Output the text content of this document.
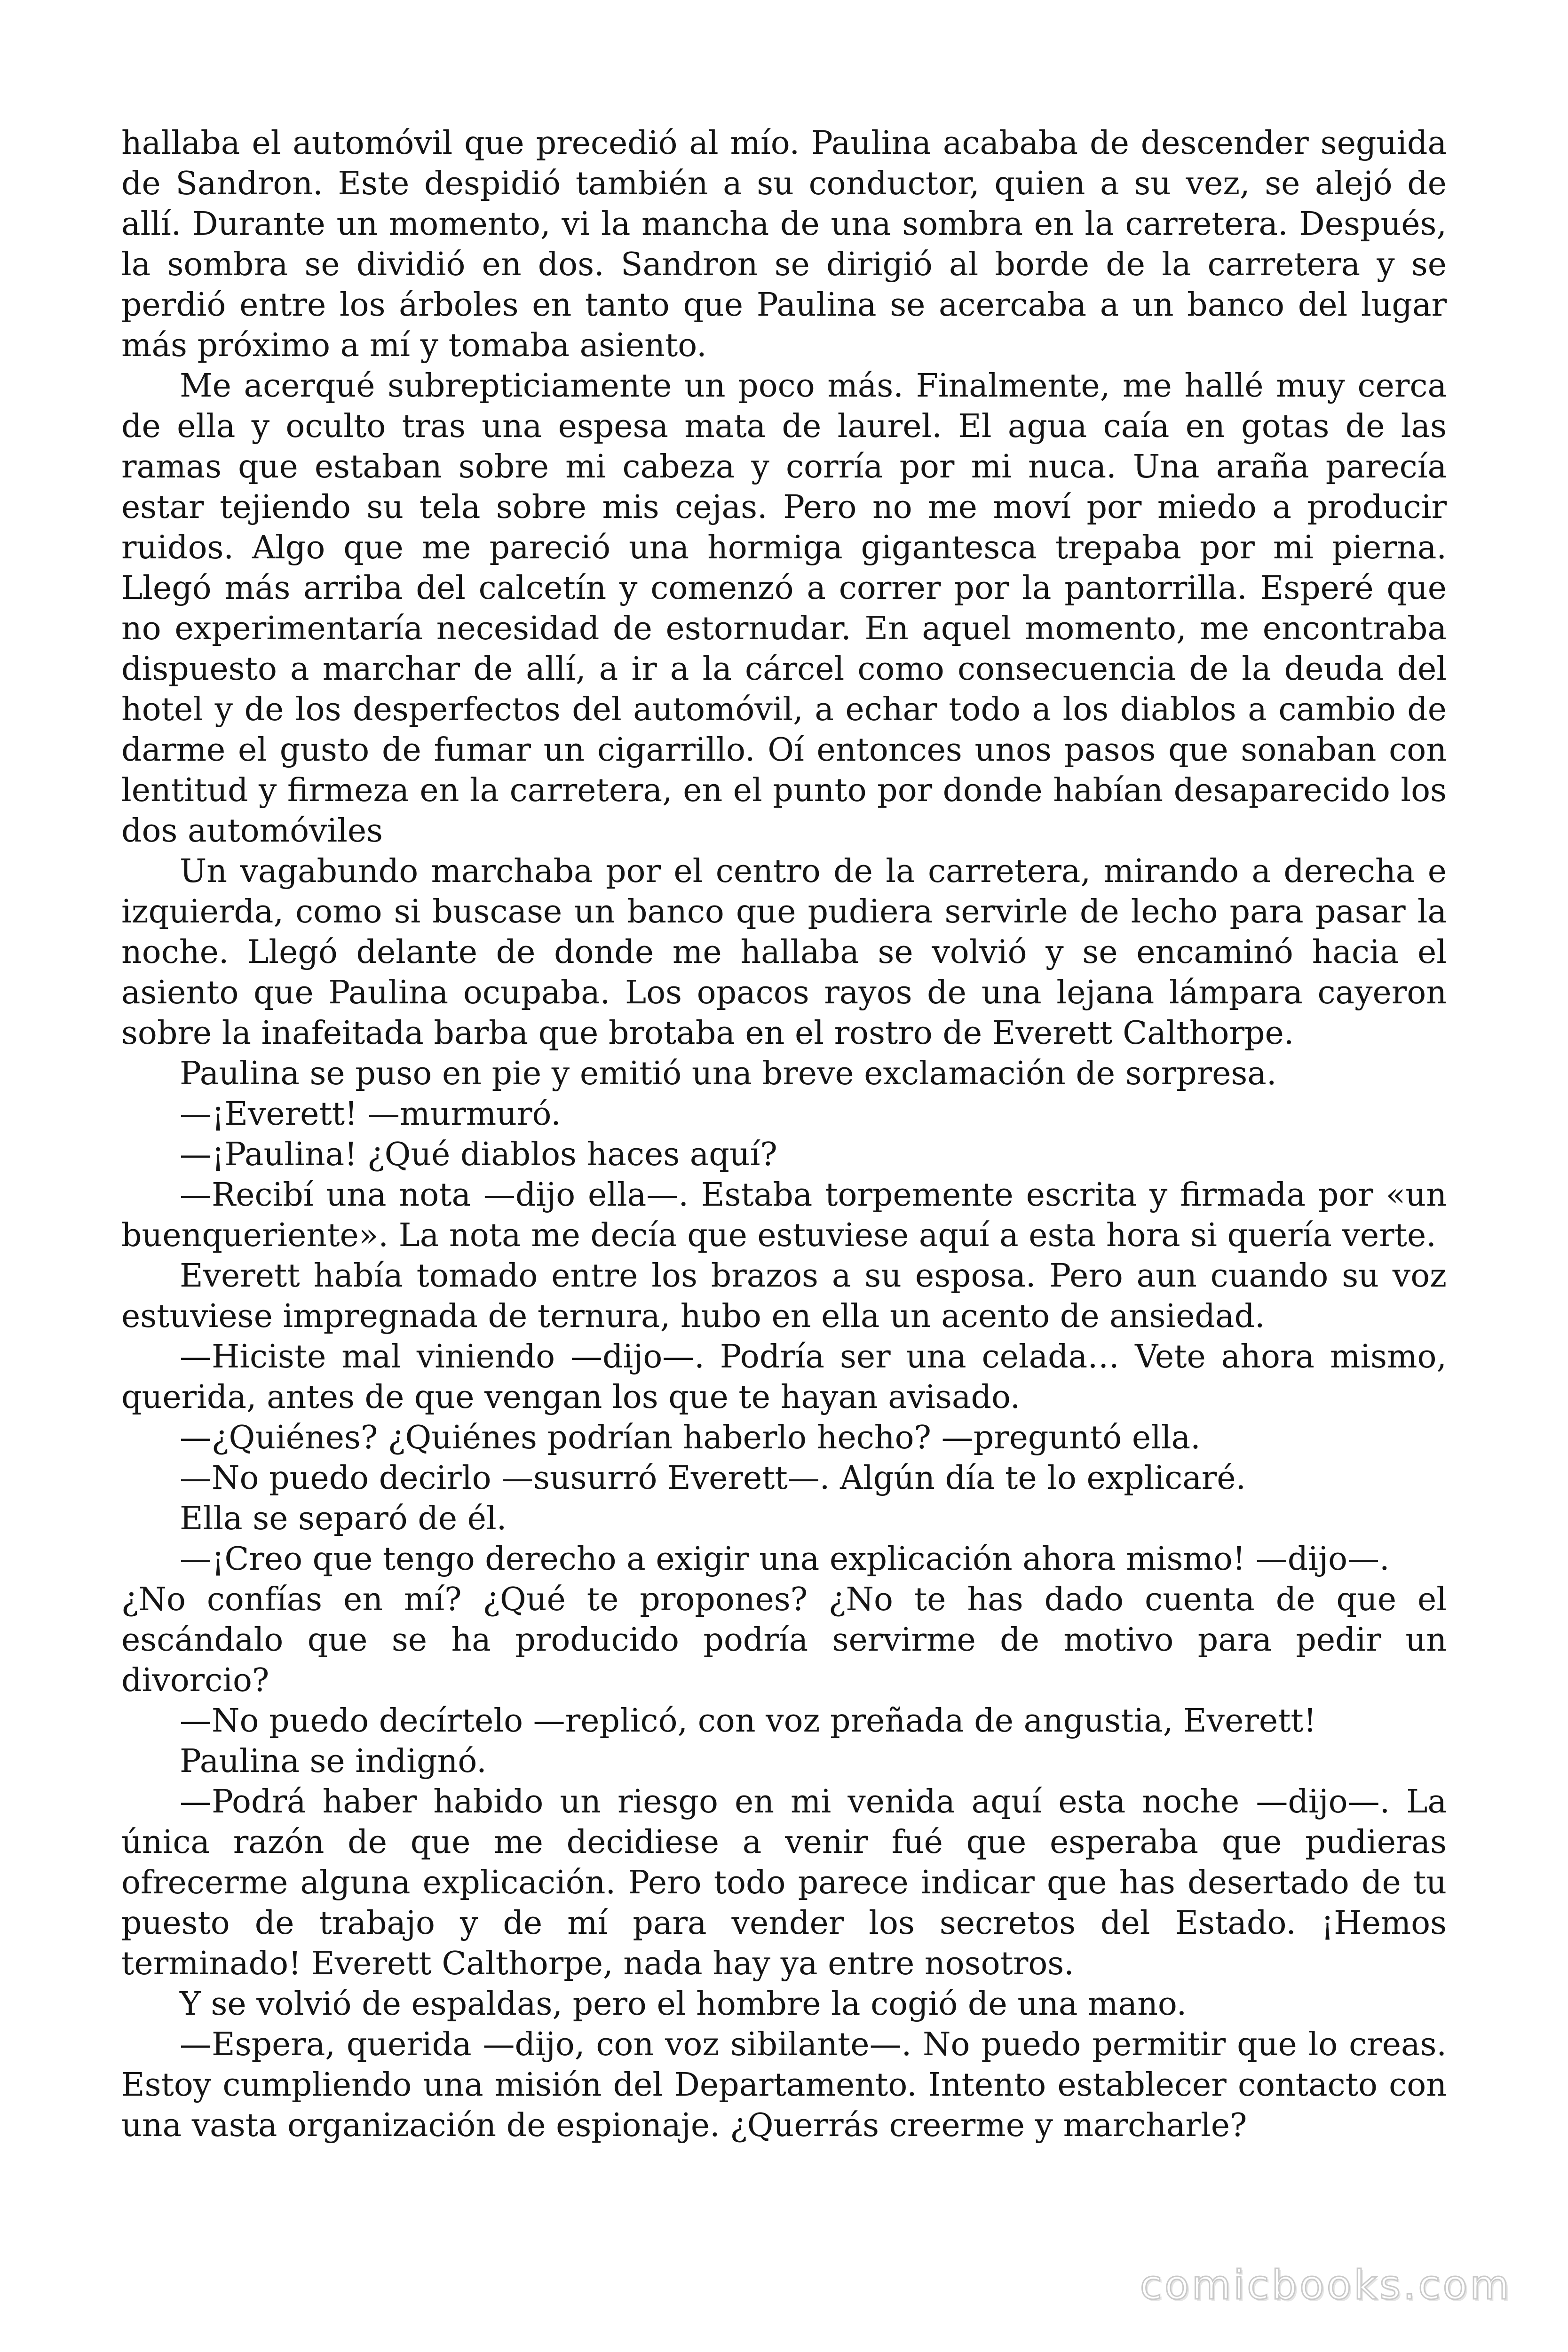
hallaba el automóvil que precedió al mío. Paulina acababa de descender seguida de Sandron. Este despidió también a su conductor, quien a su vez, se alejó de allí. Durante un momento, vi la mancha de una sombra en la carretera. Después, la sombra se dividió en dos. Sandron se dirigió al borde de la carretera y se perdió entre los árboles en tanto que Paulina se acercaba a un banco del lugar más próximo a mí y tomaba asiento.

Me acerqué subrepticiamente un poco más. Finalmente, me hallé muy cerca de ella y oculto tras una espesa mata de laurel. El agua caía en gotas de las ramas que estaban sobre mi cabeza y corría por mi nuca. Una araña parecía estar tejiendo su tela sobre mis cejas. Pero no me moví por miedo a producir ruidos. Algo que me pareció una hormiga gigantesca trepaba por mi pierna. Llegó más arriba del calcetín y comenzó a correr por la pantorrilla. Esperé que no experimentaría necesidad de estornudar. En aquel momento, me encontraba dispuesto a marchar de allí, a ir a la cárcel como consecuencia de la deuda del hotel y de los desperfectos del automóvil, a echar todo a los diablos a cambio de darme el gusto de fumar un cigarrillo. Oí entonces unos pasos que sonaban con lentitud y firmeza en la carretera, en el punto por donde habían desaparecido los dos automóviles

Un vagabundo marchaba por el centro de la carretera, mirando a derecha e izquierda, como si buscase un banco que pudiera servirle de lecho para pasar la noche. Llegó delante de donde me hallaba se volvió y se encaminó hacia el asiento que Paulina ocupaba. Los opacos rayos de una lejana lámpara cayeron sobre la inafeitada barba que brotaba en el rostro de Everett Calthorpe.

Paulina se puso en pie y emitió una breve exclamación de sorpresa.

—¡Everett! —murmuró.

—¡Paulina! ¿Qué diablos haces aquí?

—Recibí una nota —dijo ella—. Estaba torpemente escrita y firmada por «un buenqueriente». La nota me decía que estuviese aquí a esta hora si quería verte.

Everett había tomado entre los brazos a su esposa. Pero aun cuando su voz estuviese impregnada de ternura, hubo en ella un acento de ansiedad.

—Hiciste mal viniendo —dijo—. Podría ser una celada… Vete ahora mismo, querida, antes de que vengan los que te hayan avisado.

—¿Quiénes? ¿Quiénes podrían haberlo hecho? —preguntó ella.

—No puedo decirlo —susurró Everett—. Algún día te lo explicaré.

Ella se separó de él.

—¡Creo que tengo derecho a exigir una explicación ahora mismo! —dijo—.

¿No confías en mí? ¿Qué te propones? ¿No te has dado cuenta de que el escándalo que se ha producido podría servirme de motivo para pedir un divorcio?

—No puedo decírtelo —replicó, con voz preñada de angustia, Everett!

Paulina se indignó.

—Podrá haber habido un riesgo en mi venida aquí esta noche —dijo—. La única razón de que me decidiese a venir fué que esperaba que pudieras ofrecerme alguna explicación. Pero todo parece indicar que has desertado de tu puesto de trabajo y de mí para vender los secretos del Estado. ¡Hemos terminado! Everett Calthorpe, nada hay ya entre nosotros.

Y se volvió de espaldas, pero el hombre la cogió de una mano.

—Espera, querida —dijo, con voz sibilante—. No puedo permitir que lo creas. Estoy cumpliendo una misión del Departamento. Intento establecer contacto con una vasta organización de espionaje. ¿Querrás creerme y marcharle?

comicbooks.com
